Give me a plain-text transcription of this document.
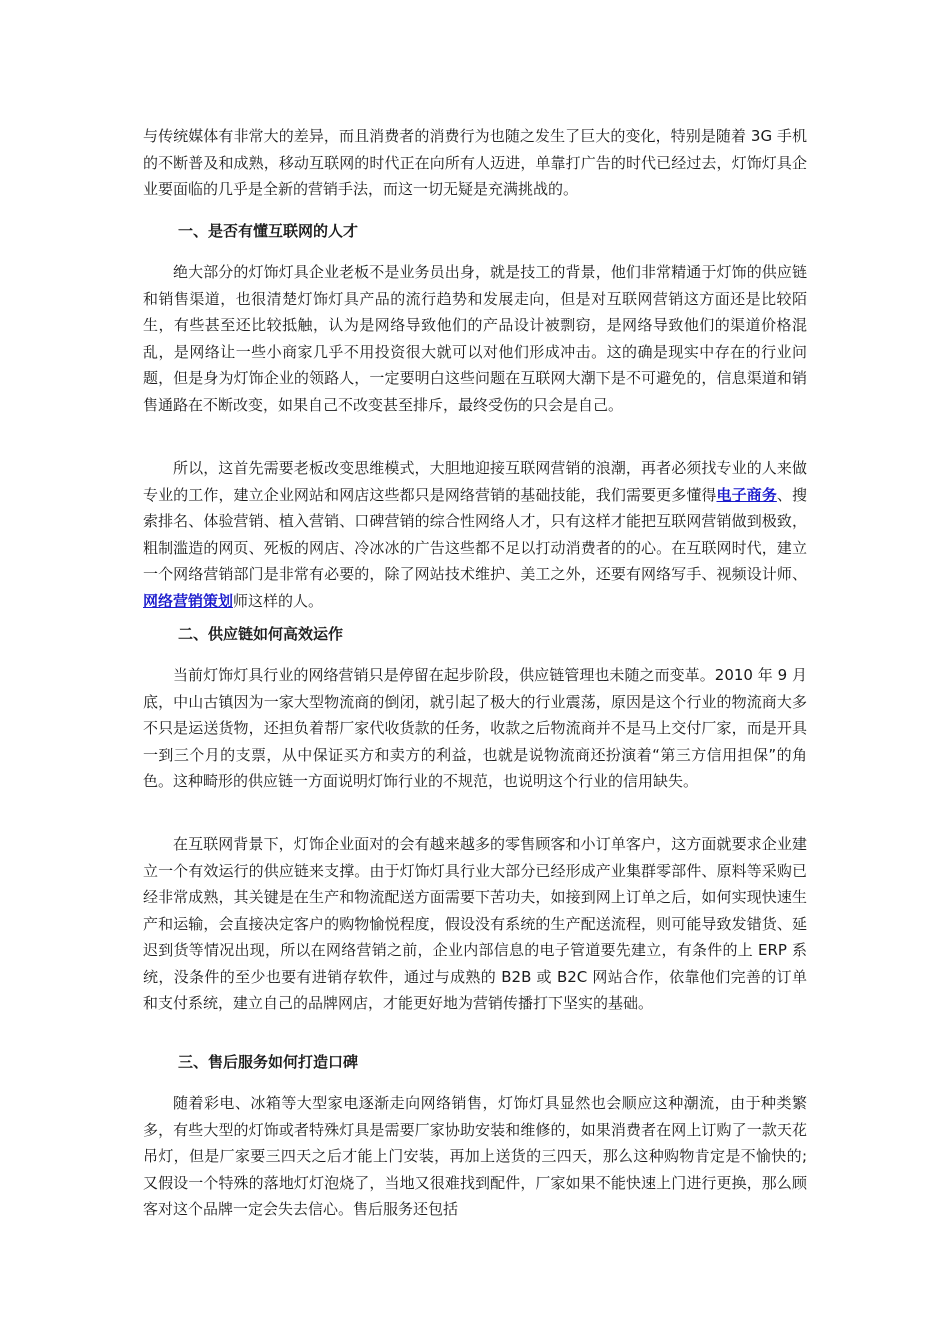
与传统媒体有非常大的差异，而且消费者的消费行为也随之发生了巨大的变化，特别是随着 3G 手机的不断普及和成熟，移动互联网的时代正在向所有人迈进，单靠打广告的时代已经过去，灯饰灯具企业要面临的几乎是全新的营销手法，而这一切无疑是充满挑战的。

一、是否有懂互联网的人才

绝大部分的灯饰灯具企业老板不是业务员出身，就是技工的背景，他们非常精通于灯饰的供应链和销售渠道，也很清楚灯饰灯具产品的流行趋势和发展走向，但是对互联网营销这方面还是比较陌生，有些甚至还比较抵触，认为是网络导致他们的产品设计被剽窃，是网络导致他们的渠道价格混乱，是网络让一些小商家几乎不用投资很大就可以对他们形成冲击。这的确是现实中存在的行业问题，但是身为灯饰企业的领路人，一定要明白这些问题在互联网大潮下是不可避免的，信息渠道和销售通路在不断改变，如果自己不改变甚至排斥，最终受伤的只会是自己。

所以，这首先需要老板改变思维模式，大胆地迎接互联网营销的浪潮，再者必须找专业的人来做专业的工作，建立企业网站和网店这些都只是网络营销的基础技能，我们需要更多懂得电子商务、搜索排名、体验营销、植入营销、口碑营销的综合性网络人才，只有这样才能把互联网营销做到极致，粗制滥造的网页、死板的网店、冷冰冰的广告这些都不足以打动消费者的的心。在互联网时代，建立一个网络营销部门是非常有必要的，除了网站技术维护、美工之外，还要有网络写手、视频设计师、网络营销策划师这样的人。

二、供应链如何高效运作

当前灯饰灯具行业的网络营销只是停留在起步阶段，供应链管理也未随之而变革。2010 年 9 月底，中山古镇因为一家大型物流商的倒闭，就引起了极大的行业震荡，原因是这个行业的物流商大多不只是运送货物，还担负着帮厂家代收货款的任务，收款之后物流商并不是马上交付厂家，而是开具一到三个月的支票，从中保证买方和卖方的利益，也就是说物流商还扮演着“第三方信用担保”的角色。这种畸形的供应链一方面说明灯饰行业的不规范，也说明这个行业的信用缺失。

在互联网背景下，灯饰企业面对的会有越来越多的零售顾客和小订单客户，这方面就要求企业建立一个有效运行的供应链来支撑。由于灯饰灯具行业大部分已经形成产业集群零部件、原料等采购已经非常成熟，其关键是在生产和物流配送方面需要下苦功夫，如接到网上订单之后，如何实现快速生产和运输，会直接决定客户的购物愉悦程度，假设没有系统的生产配送流程，则可能导致发错货、延迟到货等情况出现，所以在网络营销之前，企业内部信息的电子管道要先建立，有条件的上 ERP 系统，没条件的至少也要有进销存软件，通过与成熟的 B2B 或 B2C 网站合作，依靠他们完善的订单和支付系统，建立自己的品牌网店，才能更好地为营销传播打下坚实的基础。

三、售后服务如何打造口碑

随着彩电、冰箱等大型家电逐渐走向网络销售，灯饰灯具显然也会顺应这种潮流，由于种类繁多，有些大型的灯饰或者特殊灯具是需要厂家协助安装和维修的，如果消费者在网上订购了一款天花吊灯，但是厂家要三四天之后才能上门安装，再加上送货的三四天，那么这种购物肯定是不愉快的;又假设一个特殊的落地灯灯泡烧了，当地又很难找到配件，厂家如果不能快速上门进行更换，那么顾客对这个品牌一定会失去信心。售后服务还包括
